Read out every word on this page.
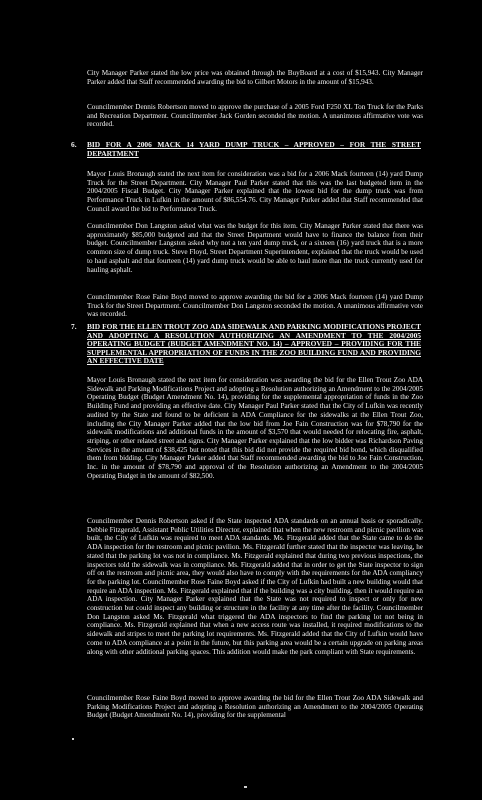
City Manager Parker stated the low price was obtained through the BuyBoard at a cost of $15,943. City Manager Parker added that Staff recommended awarding the bid to Gilbert Motors in the amount of $15,943.

Councilmember Dennis Robertson moved to approve the purchase of a 2005 Ford F250 XL Ton Truck for the Parks and Recreation Department. Councilmember Jack Gorden seconded the motion. A unanimous affirmative vote was recorded.

6. BID FOR A 2006 MACK 14 YARD DUMP TRUCK – APPROVED – FOR THE STREET DEPARTMENT

Mayor Louis Bronaugh stated the next item for consideration was a bid for a 2006 Mack fourteen (14) yard Dump Truck for the Street Department. City Manager Paul Parker stated that this was the last budgeted item in the 2004/2005 Fiscal Budget. City Manager Parker explained that the lowest bid for the dump truck was from Performance Truck in Lufkin in the amount of $86,554.76. City Manager Parker added that Staff recommended that Council award the bid to Performance Truck.

Councilmember Don Langston asked what was the budget for this item. City Manager Parker stated that there was approximately $85,000 budgeted and that the Street Department would have to finance the balance from their budget. Councilmember Langston asked why not a ten yard dump truck, or a sixteen (16) yard truck that is a more common size of dump truck. Steve Floyd, Street Department Superintendent, explained that the truck would be used to haul asphalt and that fourteen (14) yard dump truck would be able to haul more than the truck currently used for hauling asphalt.

Councilmember Rose Faine Boyd moved to approve awarding the bid for a 2006 Mack fourteen (14) yard Dump Truck for the Street Department. Councilmember Don Langston seconded the motion. A unanimous affirmative vote was recorded.

7. BID FOR THE ELLEN TROUT ZOO ADA SIDEWALK AND PARKING MODIFICATIONS PROJECT AND ADOPTING A RESOLUTION AUTHORIZING AN AMENDMENT TO THE 2004/2005 OPERATING BUDGET (BUDGET AMENDMENT NO. 14) – APPROVED – PROVIDING FOR THE SUPPLEMENTAL APPROPRIATION OF FUNDS IN THE ZOO BUILDING FUND AND PROVIDING AN EFFECTIVE DATE

Mayor Louis Bronaugh stated the next item for consideration was awarding the bid for the Ellen Trout Zoo ADA Sidewalk and Parking Modifications Project and adopting a Resolution authorizing an Amendment to the 2004/2005 Operating Budget (Budget Amendment No. 14), providing for the supplemental appropriation of funds in the Zoo Building Fund and providing an effective date. City Manager Paul Parker stated that the City of Lufkin was recently audited by the State and found to be deficient in ADA Compliance for the sidewalks at the Ellen Trout Zoo, including the City Manager Parker added that the low bid from Joe Fain Construction was for $78,790 for the sidewalk modifications and additional funds in the amount of $3,570 that would needed for relocating fire, asphalt, striping, or other related street and signs. City Manager Parker explained that the low bidder was Richardson Paving Services in the amount of $38,425 but noted that this bid did not provide the required bid bond, which disqualified them from bidding. City Manager Parker added that Staff recommended awarding the bid to Joe Fain Construction, Inc. in the amount of $78,790 and approval of the Resolution authorizing an Amendment to the 2004/2005 Operating Budget in the amount of $82,500.

Councilmember Dennis Robertson asked if the State inspected ADA standards on an annual basis or sporadically. Debbie Fitzgerald, Assistant Public Utilities Director, explained that when the new restroom and picnic pavilion was built, the City of Lufkin was required to meet ADA standards. Ms. Fitzgerald added that the State came to do the ADA inspection for the restroom and picnic pavilion. Ms. Fitzgerald further stated that the inspector was leaving, he stated that the parking lot was not in compliance. Ms. Fitzgerald explained that during two previous inspections, the inspectors told the sidewalk was in compliance. Ms. Fitzgerald added that in order to get the State inspector to sign off on the restroom and picnic area, they would also have to comply with the requirements for the ADA compliancy for the parking lot. Councilmember Rose Faine Boyd asked if the City of Lufkin had built a new building would that require an ADA inspection. Ms. Fitzgerald explained that if the building was a city building, then it would require an ADA inspection. City Manager Parker explained that the State was not required to inspect or only for new construction but could inspect any building or structure in the facility at any time after the facility. Councilmember Don Langston asked Ms. Fitzgerald what triggered the ADA inspectors to find the parking lot not being in compliance. Ms. Fitzgerald explained that when a new access route was installed, it required modifications to the sidewalk and stripes to meet the parking lot requirements. Ms. Fitzgerald added that the City of Lufkin would have come to ADA compliance at a point in the future, but this parking area would be a certain upgrade on parking areas along with other additional parking spaces. This addition would make the park compliant with State requirements.

Councilmember Rose Faine Boyd moved to approve awarding the bid for the Ellen Trout Zoo ADA Sidewalk and Parking Modifications Project and adopting a Resolution authorizing an Amendment to the 2004/2005 Operating Budget (Budget Amendment No. 14), providing for the supplemental
